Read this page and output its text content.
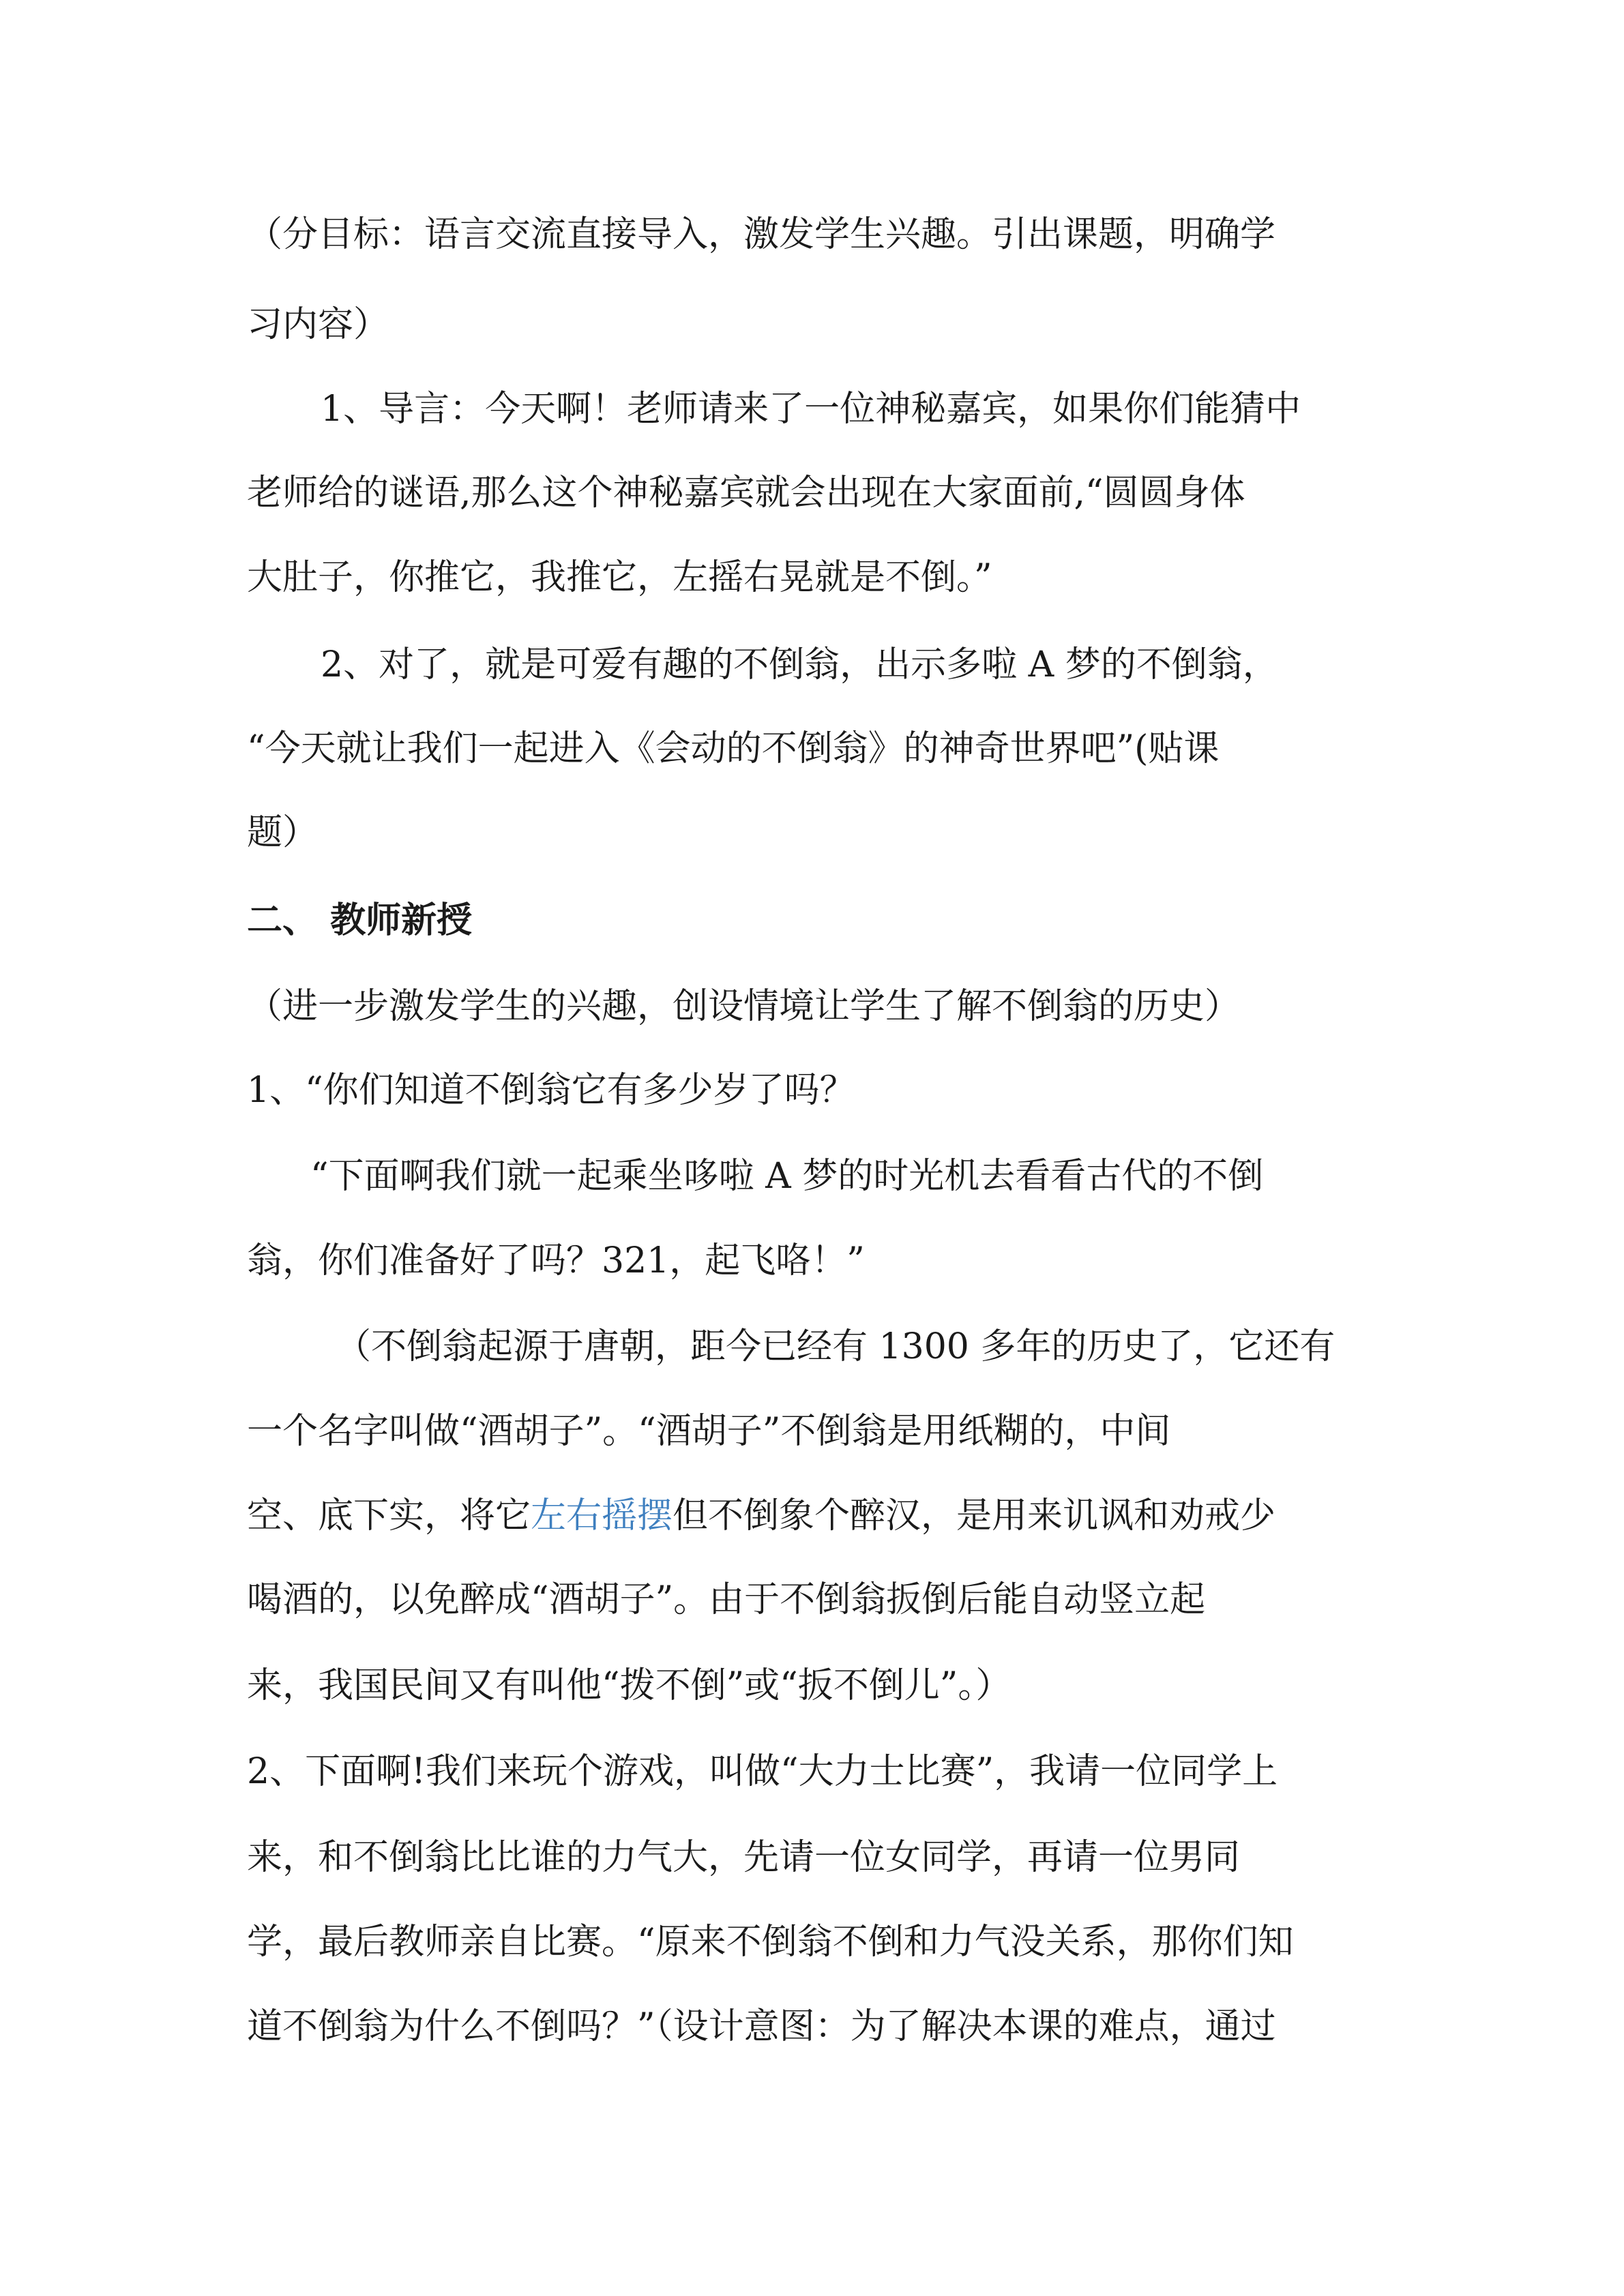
（分目标：语言交流直接导入，激发学生兴趣。引出课题，明确学
习内容）
1、导言：今天啊！老师请来了一位神秘嘉宾，如果你们能猜中
老师给的谜语,那么这个神秘嘉宾就会出现在大家面前,“圆圆身体
大肚子，你推它，我推它，左摇右晃就是不倒。”
2、对了，就是可爱有趣的不倒翁，出示多啦 A 梦的不倒翁，
“今天就让我们一起进入《会动的不倒翁》的神奇世界吧”(贴课
题）
二、 教师新授
（进一步激发学生的兴趣，创设情境让学生了解不倒翁的历史）
1、“你们知道不倒翁它有多少岁了吗？
“下面啊我们就一起乘坐哆啦 A 梦的时光机去看看古代的不倒
翁，你们准备好了吗？321，起飞咯！”
（不倒翁起源于唐朝，距今已经有 1300 多年的历史了，它还有
一个名字叫做“酒胡子”。“酒胡子”不倒翁是用纸糊的，中间
空、底下实，将它左右摇摆但不倒象个醉汉，是用来讥讽和劝戒少
喝酒的，以免醉成“酒胡子”。由于不倒翁扳倒后能自动竖立起
来，我国民间又有叫他“拨不倒”或“扳不倒儿”。）
2、下面啊!我们来玩个游戏，叫做“大力士比赛”，我请一位同学上
来，和不倒翁比比谁的力气大，先请一位女同学，再请一位男同
学，最后教师亲自比赛。“原来不倒翁不倒和力气没关系，那你们知
道不倒翁为什么不倒吗？”（设计意图：为了解决本课的难点，通过
